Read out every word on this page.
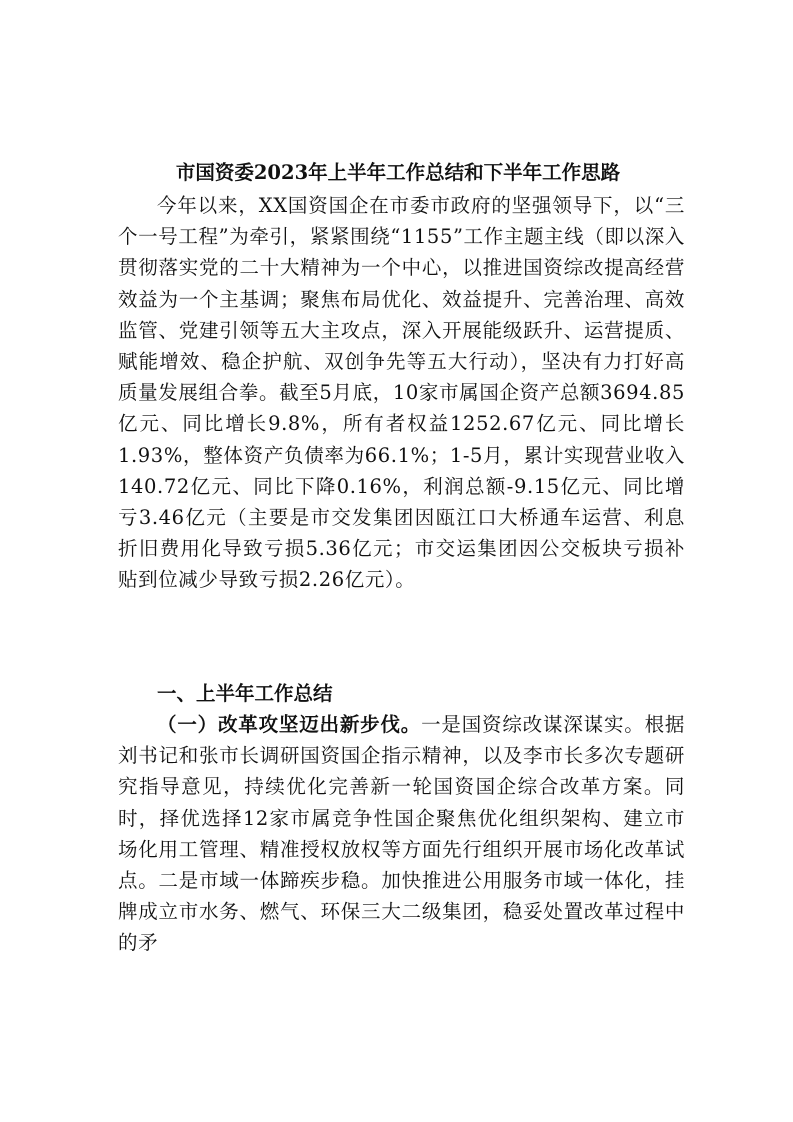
市国资委2023年上半年工作总结和下半年工作思路

今年以来，XX国资国企在市委市政府的坚强领导下，以“三个一号工程”为牵引，紧紧围绕“1155”工作主题主线（即以深入贯彻落实党的二十大精神为一个中心，以推进国资综改提高经营效益为一个主基调；聚焦布局优化、效益提升、完善治理、高效监管、党建引领等五大主攻点，深入开展能级跃升、运营提质、赋能增效、稳企护航、双创争先等五大行动），坚决有力打好高质量发展组合拳。截至5月底，10家市属国企资产总额3694.85亿元、同比增长9.8%，所有者权益1252.67亿元、同比增长1.93%，整体资产负债率为66.1%；1-5月，累计实现营业收入140.72亿元、同比下降0.16%，利润总额-9.15亿元、同比增亏3.46亿元（主要是市交发集团因瓯江口大桥通车运营、利息折旧费用化导致亏损5.36亿元；市交运集团因公交板块亏损补贴到位减少导致亏损2.26亿元）。

一、上半年工作总结

（一）改革攻坚迈出新步伐。一是国资综改谋深谋实。根据刘书记和张市长调研国资国企指示精神，以及李市长多次专题研究指导意见，持续优化完善新一轮国资国企综合改革方案。同时，择优选择12家市属竞争性国企聚焦优化组织架构、建立市场化用工管理、精准授权放权等方面先行组织开展市场化改革试点。二是市域一体蹄疾步稳。加快推进公用服务市域一体化，挂牌成立市水务、燃气、环保三大二级集团，稳妥处置改革过程中的矛
